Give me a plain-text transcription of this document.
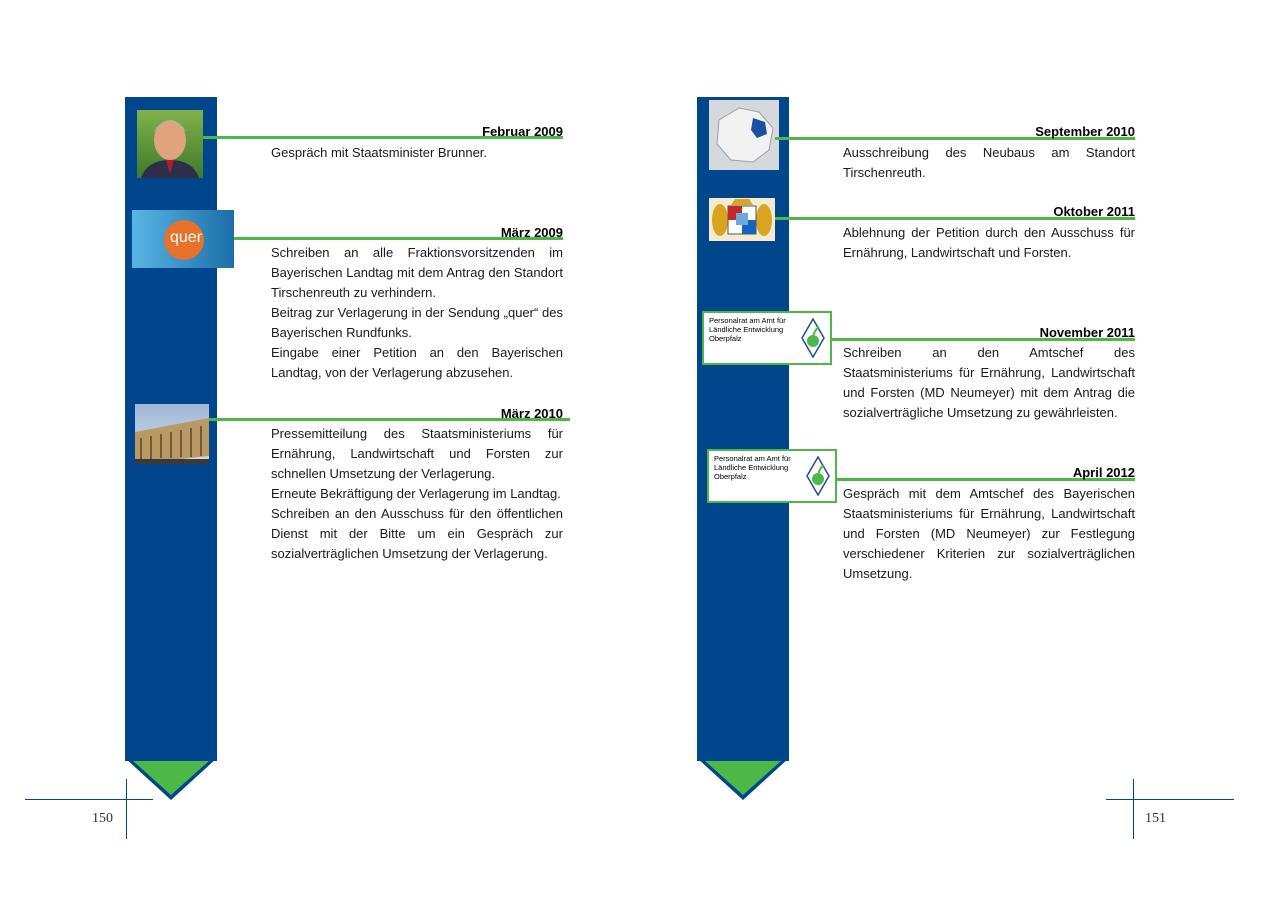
Februar 2009

Gespräch mit Staatsminister Brunner.

quer	März 2009

Schreiben an alle Fraktionsvorsitzenden im Bayerischen Landtag mit dem Antrag den Standort Tirschenreuth zu verhindern.

Beitrag zur Verlagerung in der Sendung „quer“ des Bayerischen Rundfunks.

Eingabe einer Petition an den Bayerischen Landtag, von der Verlagerung abzusehen.

März 2010

Pressemitteilung des Staatsministeriums für Ernährung, Landwirtschaft und Forsten zur schnellen Umsetzung der Verlagerung.

Erneute Bekräftigung der Verlagerung im Landtag.

Schreiben an den Ausschuss für den öffentlichen Dienst mit der Bitte um ein Gespräch zur sozialverträglichen Umsetzung der Verlagerung.

150
September 2010

Ausschreibung des Neubaus am Standort Tirschenreuth.

Oktober 2011

Ablehnung der Petition durch den Ausschuss für Ernährung, Landwirtschaft und Forsten.

Personalrat am Amt für Ländliche Entwicklung Oberpfalz	November 2011

Schreiben an den Amtschef des Staatsministeriums für Ernährung, Landwirtschaft und Forsten (MD Neumeyer) mit dem Antrag die sozialverträgliche Umsetzung zu gewährleisten.

Personalrat am Amt für Ländliche Entwicklung Oberpfalz	April 2012

Gespräch mit dem Amtschef des Bayerischen Staatsministeriums für Ernährung, Landwirtschaft und Forsten (MD Neumeyer) zur Festlegung verschiedener Kriterien zur sozialverträglichen Umsetzung.

151
